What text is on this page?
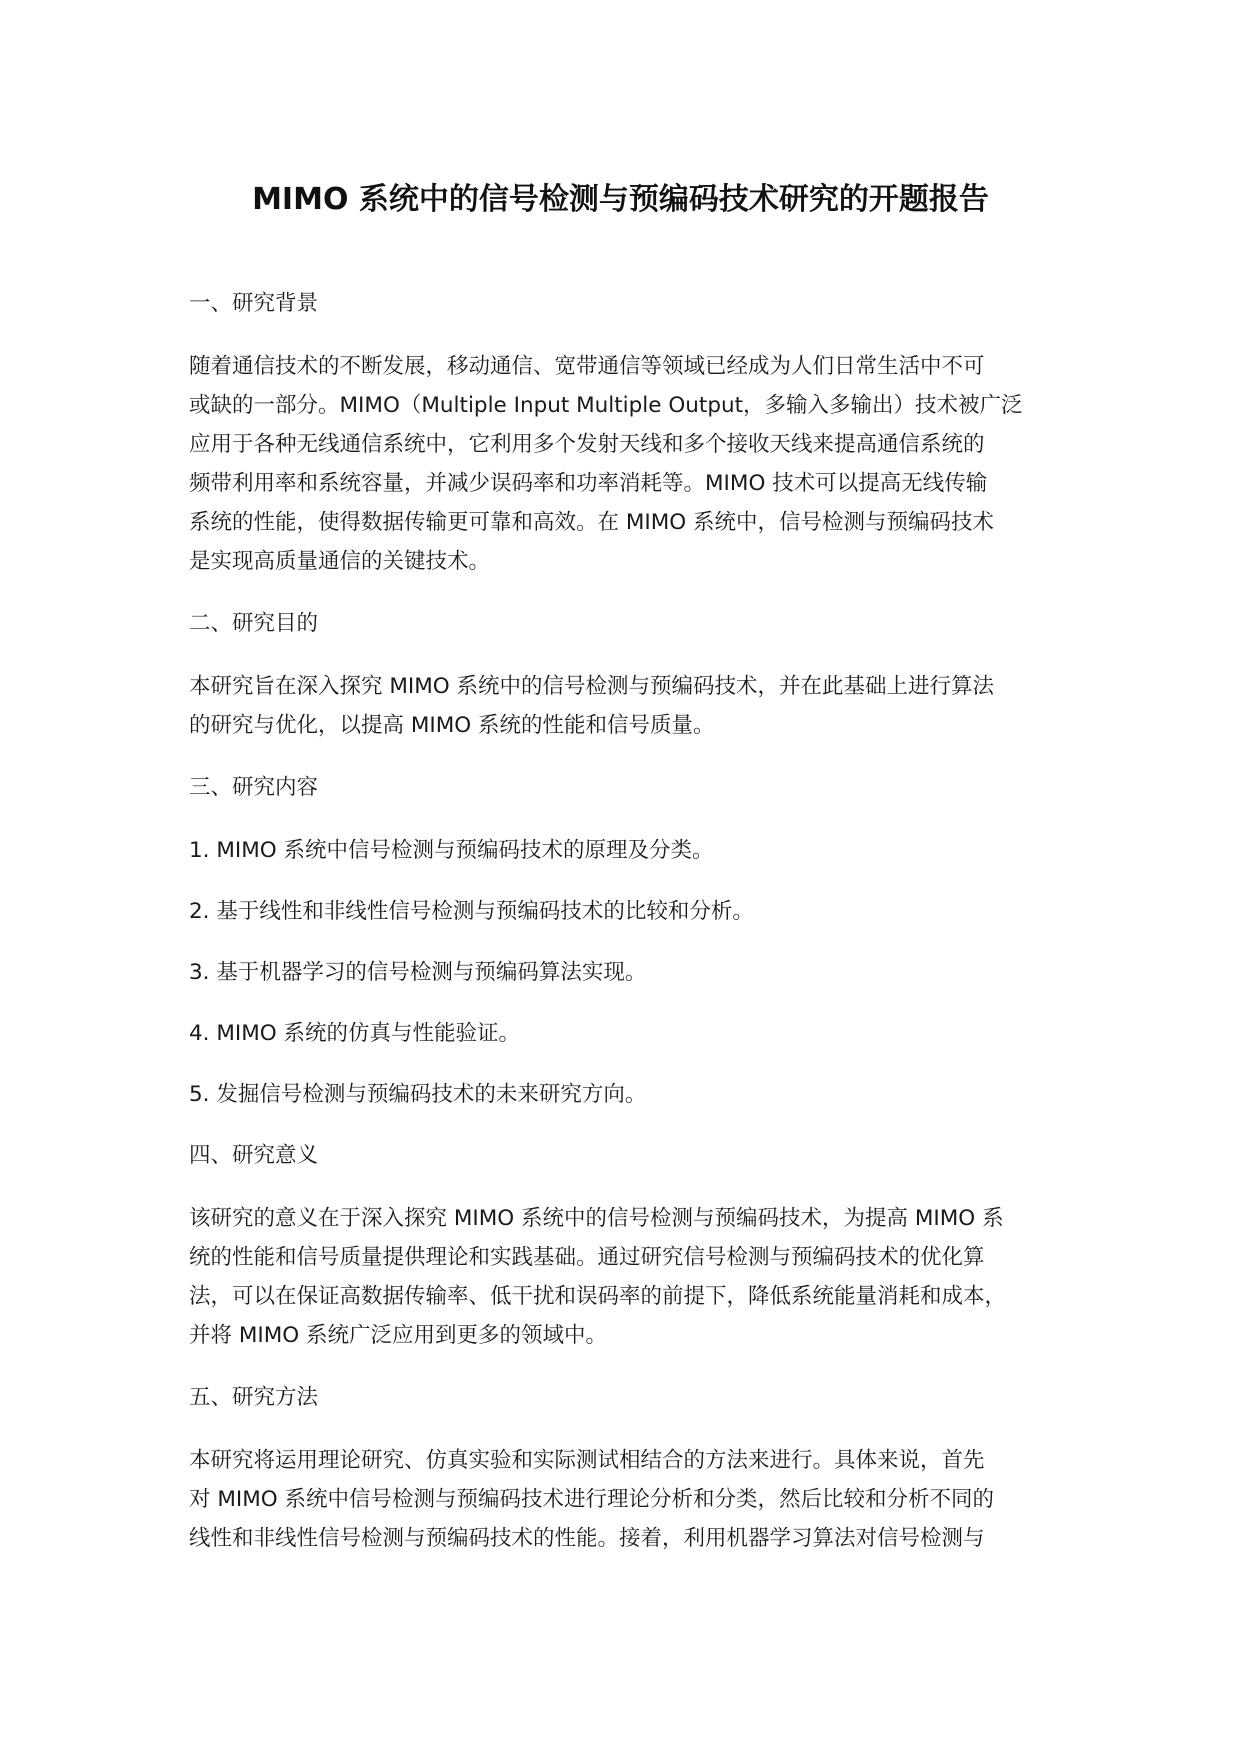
MIMO 系统中的信号检测与预编码技术研究的开题报告
一、研究背景

随着通信技术的不断发展，移动通信、宽带通信等领域已经成为人们日常生活中不可
或缺的一部分。MIMO（Multiple Input Multiple Output，多输入多输出）技术被广泛
应用于各种无线通信系统中，它利用多个发射天线和多个接收天线来提高通信系统的
频带利用率和系统容量，并减少误码率和功率消耗等。MIMO 技术可以提高无线传输
系统的性能，使得数据传输更可靠和高效。在 MIMO 系统中，信号检测与预编码技术
是实现高质量通信的关键技术。

二、研究目的

本研究旨在深入探究 MIMO 系统中的信号检测与预编码技术，并在此基础上进行算法
的研究与优化，以提高 MIMO 系统的性能和信号质量。

三、研究内容

1. MIMO 系统中信号检测与预编码技术的原理及分类。

2. 基于线性和非线性信号检测与预编码技术的比较和分析。

3. 基于机器学习的信号检测与预编码算法实现。

4. MIMO 系统的仿真与性能验证。

5. 发掘信号检测与预编码技术的未来研究方向。

四、研究意义

该研究的意义在于深入探究 MIMO 系统中的信号检测与预编码技术，为提高 MIMO 系
统的性能和信号质量提供理论和实践基础。通过研究信号检测与预编码技术的优化算
法，可以在保证高数据传输率、低干扰和误码率的前提下，降低系统能量消耗和成本，
并将 MIMO 系统广泛应用到更多的领域中。

五、研究方法

本研究将运用理论研究、仿真实验和实际测试相结合的方法来进行。具体来说，首先
对 MIMO 系统中信号检测与预编码技术进行理论分析和分类，然后比较和分析不同的
线性和非线性信号检测与预编码技术的性能。接着，利用机器学习算法对信号检测与
